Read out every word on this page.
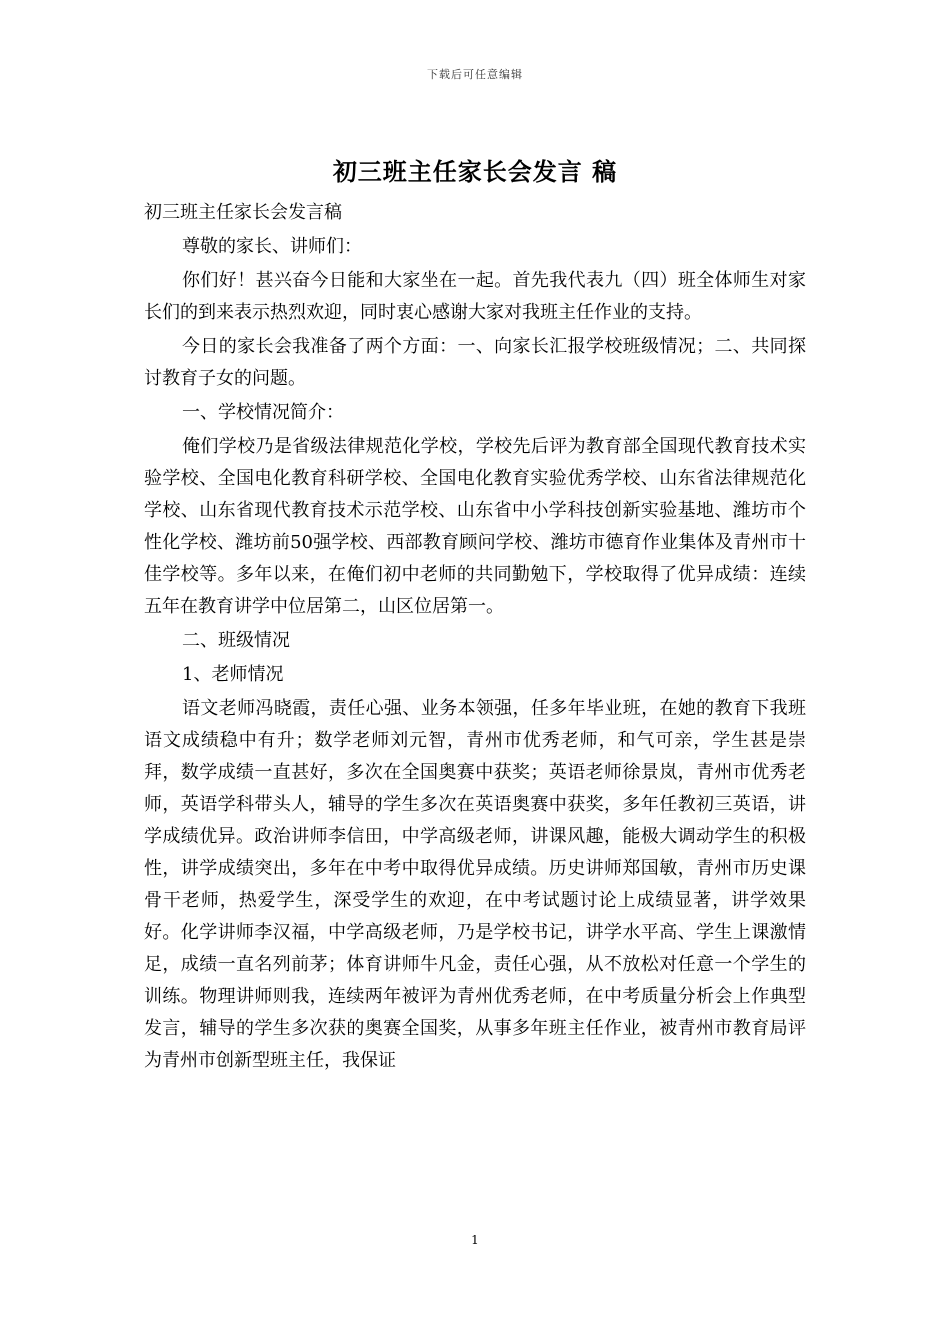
下载后可任意编辑
初三班主任家长会发言 稿

初三班主任家长会发言稿

尊敬的家长、讲师们：

你们好！甚兴奋今日能和大家坐在一起。首先我代表九（四）班全体师生对家长们的到来表示热烈欢迎，同时衷心感谢大家对我班主任作业的支持。

今日的家长会我准备了两个方面：一、向家长汇报学校班级情况；二、共同探讨教育子女的问题。

一、学校情况简介：

俺们学校乃是省级法律规范化学校，学校先后评为教育部全国现代教育技术实验学校、全国电化教育科研学校、全国电化教育实验优秀学校、山东省法律规范化学校、山东省现代教育技术示范学校、山东省中小学科技创新实验基地、潍坊市个性化学校、潍坊前50强学校、西部教育顾问学校、潍坊市德育作业集体及青州市十佳学校等。多年以来，在俺们初中老师的共同勤勉下，学校取得了优异成绩：连续五年在教育讲学中位居第二，山区位居第一。

二、班级情况

1、老师情况

语文老师冯晓霞，责任心强、业务本领强，任多年毕业班，在她的教育下我班语文成绩稳中有升；数学老师刘元智，青州市优秀老师，和气可亲，学生甚是崇拜，数学成绩一直甚好，多次在全国奥赛中获奖；英语老师徐景岚，青州市优秀老师，英语学科带头人，辅导的学生多次在英语奥赛中获奖，多年任教初三英语，讲学成绩优异。政治讲师李信田，中学高级老师，讲课风趣，能极大调动学生的积极性，讲学成绩突出，多年在中考中取得优异成绩。历史讲师郑国敏，青州市历史课骨干老师，热爱学生，深受学生的欢迎，在中考试题讨论上成绩显著，讲学效果好。化学讲师李汉福，中学高级老师，乃是学校书记，讲学水平高、学生上课激情足，成绩一直名列前茅；体育讲师牛凡金，责任心强，从不放松对任意一个学生的训练。物理讲师则我，连续两年被评为青州优秀老师，在中考质量分析会上作典型发言，辅导的学生多次获的奥赛全国奖，从事多年班主任作业，被青州市教育局评为青州市创新型班主任，我保证

1
